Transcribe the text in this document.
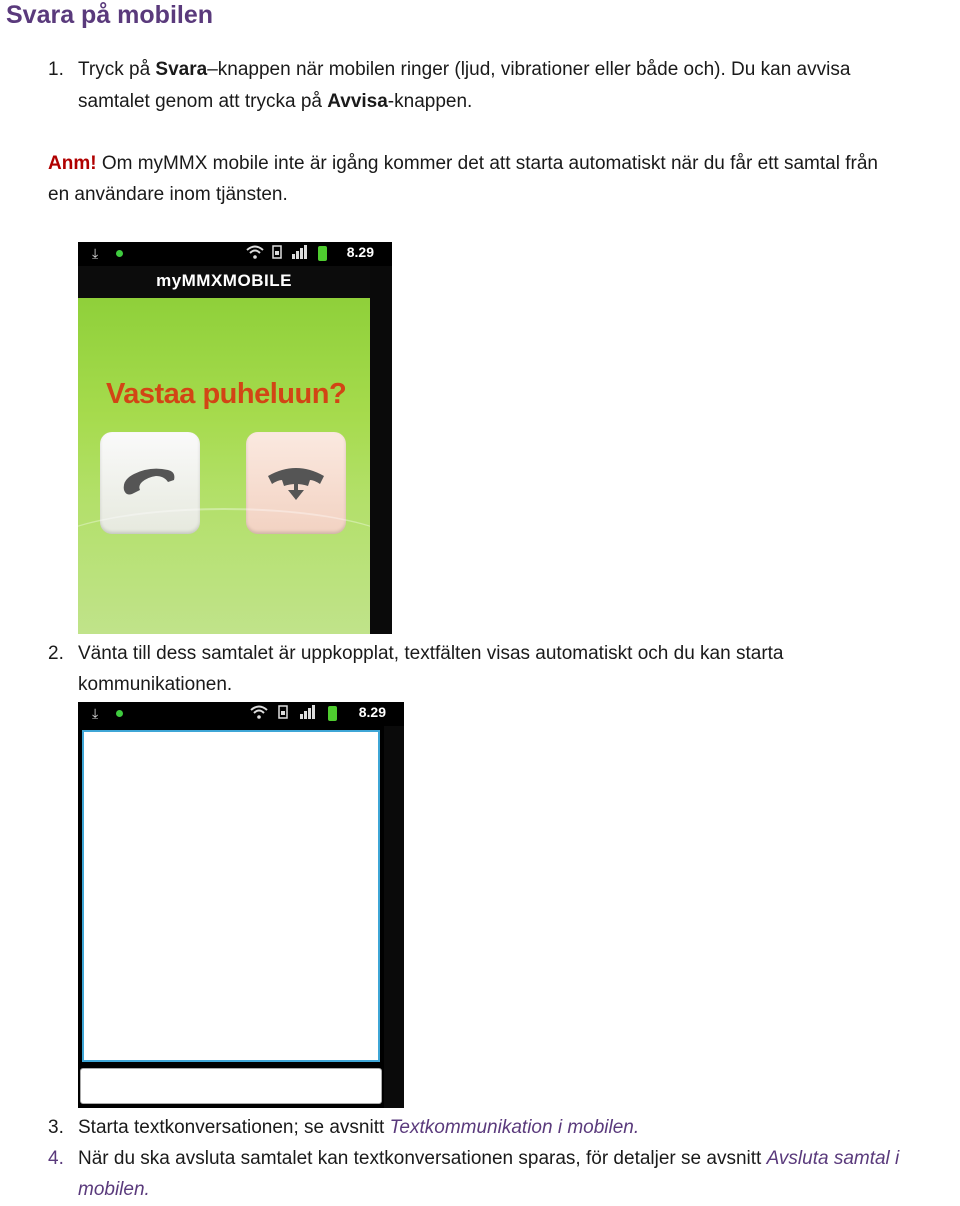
Svara på mobilen
1. Tryck på Svara–knappen när mobilen ringer (ljud, vibrationer eller både och). Du kan avvisa
samtalet genom att trycka på Avvisa-knappen.
Anm! Om myMMX mobile inte är igång kommer det att starta automatiskt när du får ett samtal från
en användare inom tjänsten.
⤓	8.29
myMMXMOBILE
Vastaa puheluun?
2. Vänta till dess samtalet är uppkopplat, textfälten visas automatiskt och du kan starta
kommunikationen.
⤓	8.29
3. Starta textkonversationen; se avsnitt Textkommunikation i mobilen.
4. När du ska avsluta samtalet kan textkonversationen sparas, för detaljer se avsnitt Avsluta samtal i
mobilen.
